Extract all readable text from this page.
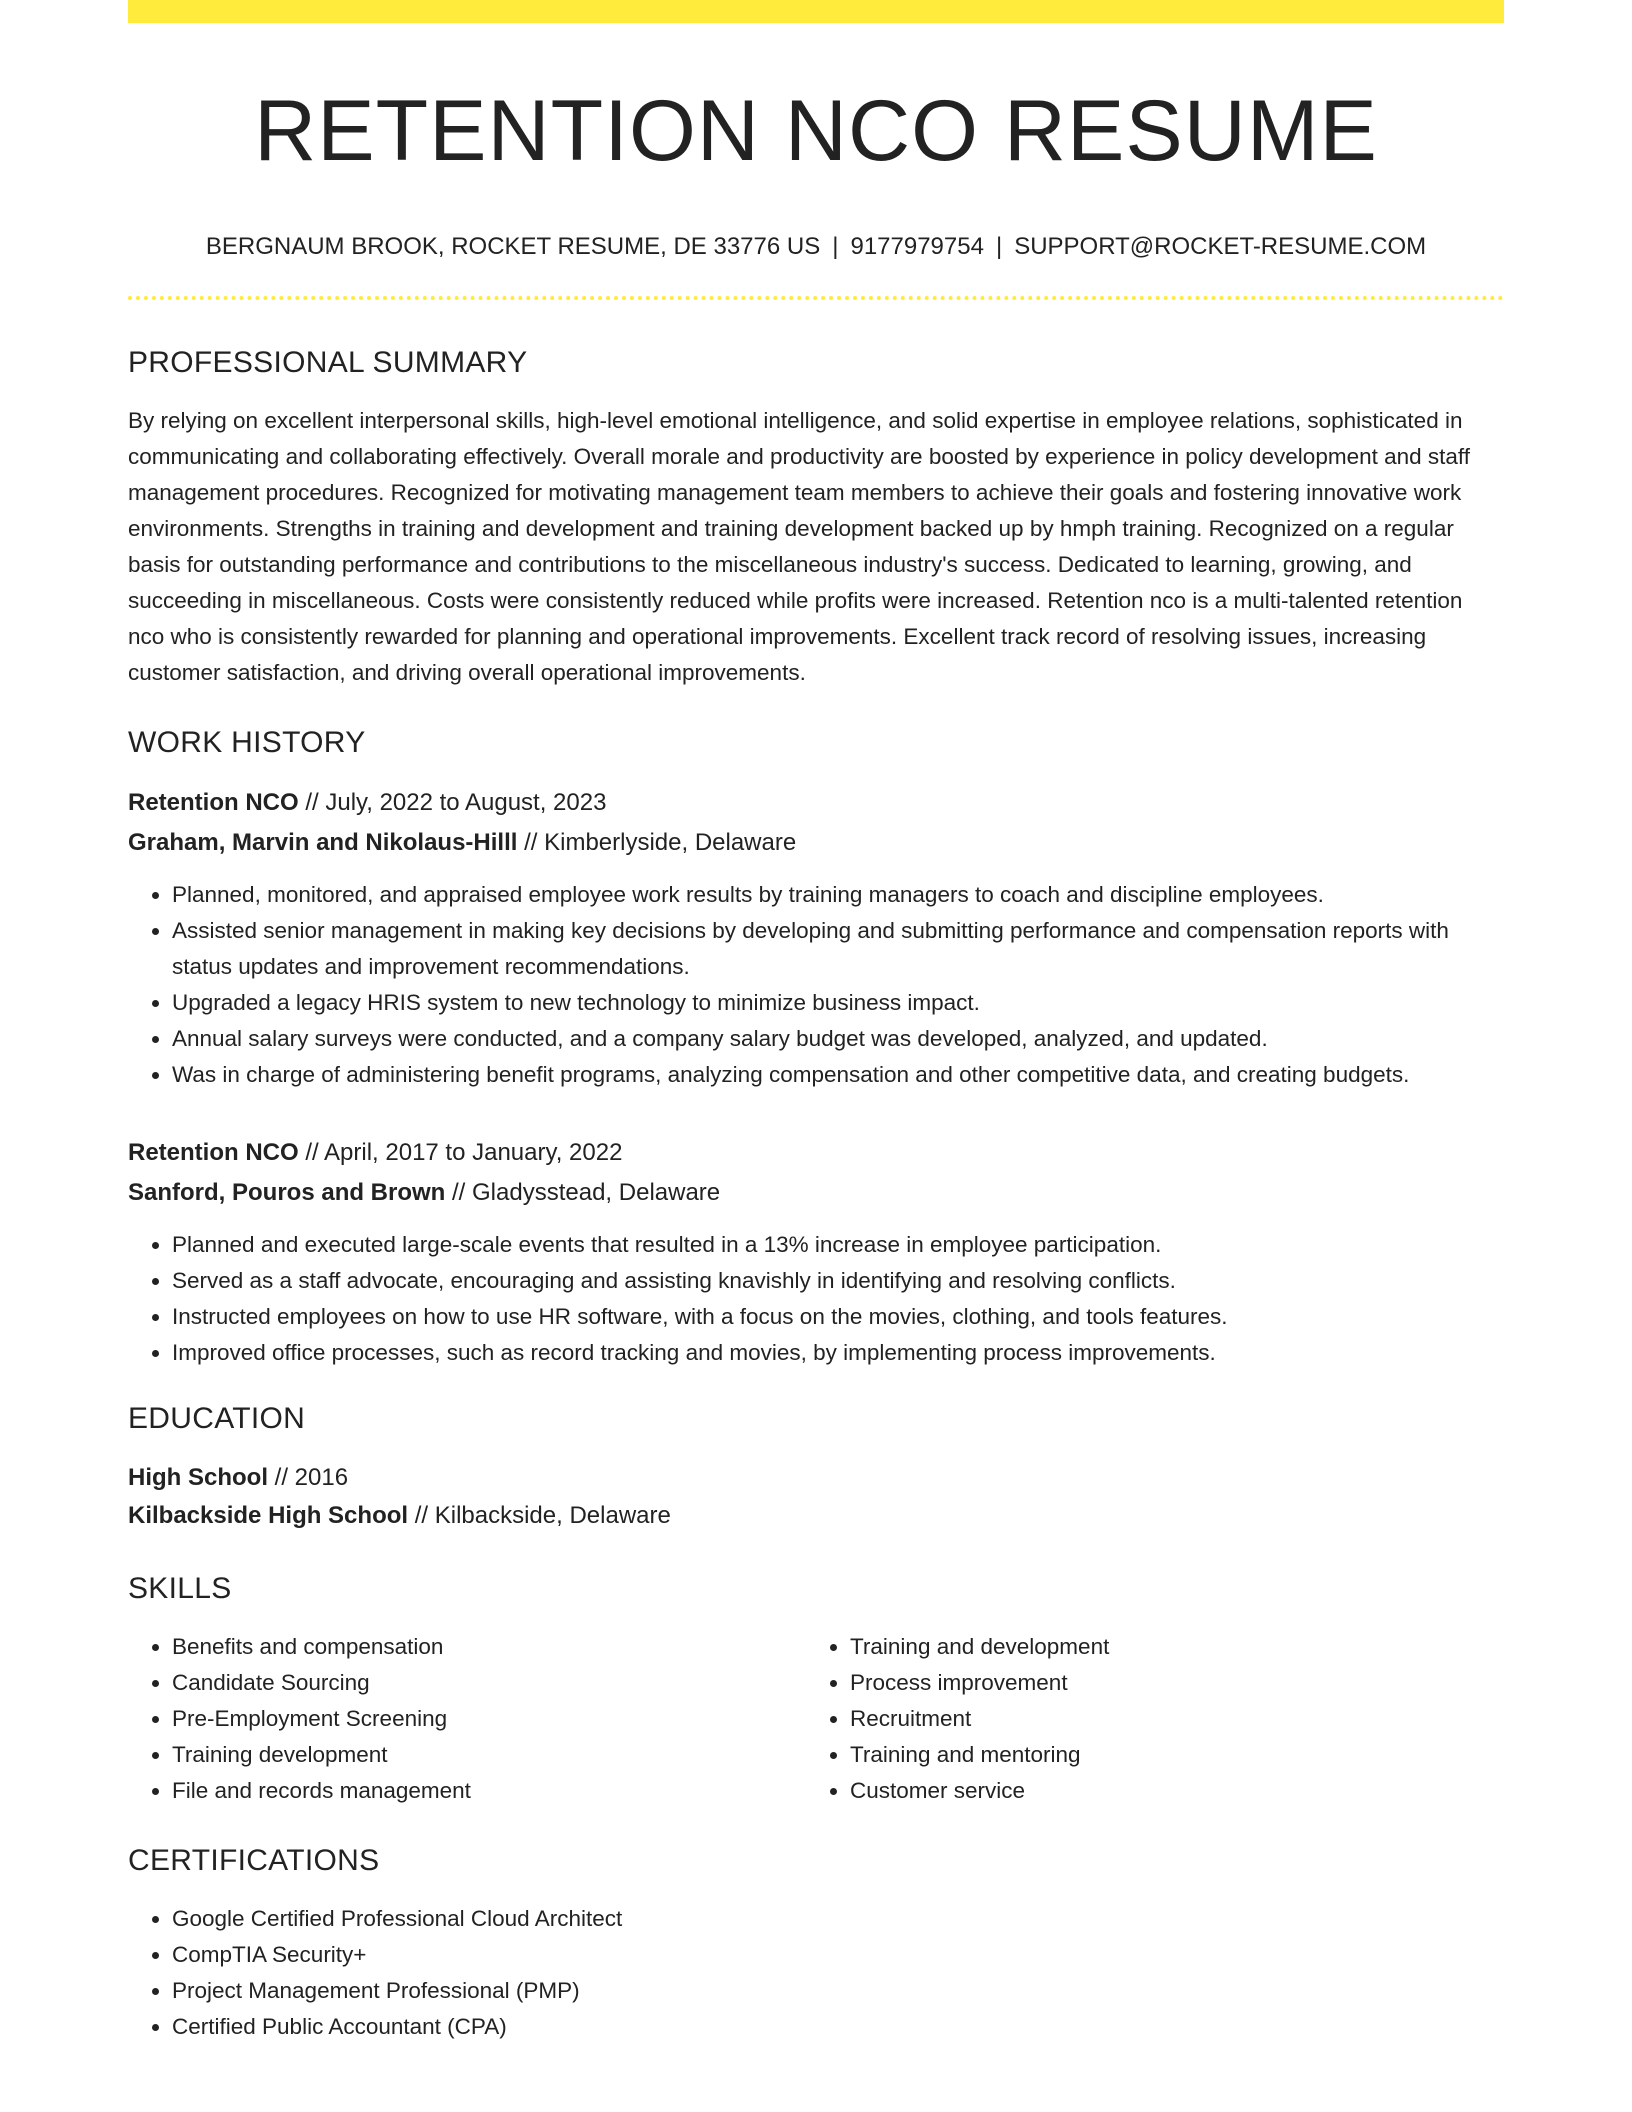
RETENTION NCO RESUME
BERGNAUM BROOK, ROCKET RESUME, DE 33776 US | 9177979754 | SUPPORT@ROCKET-RESUME.COM
PROFESSIONAL SUMMARY
By relying on excellent interpersonal skills, high-level emotional intelligence, and solid expertise in employee relations, sophisticated in communicating and collaborating effectively. Overall morale and productivity are boosted by experience in policy development and staff management procedures. Recognized for motivating management team members to achieve their goals and fostering innovative work environments. Strengths in training and development and training development backed up by hmph training. Recognized on a regular basis for outstanding performance and contributions to the miscellaneous industry's success. Dedicated to learning, growing, and succeeding in miscellaneous. Costs were consistently reduced while profits were increased. Retention nco is a multi-talented retention nco who is consistently rewarded for planning and operational improvements. Excellent track record of resolving issues, increasing customer satisfaction, and driving overall operational improvements.
WORK HISTORY
Retention NCO // July, 2022 to August, 2023
Graham, Marvin and Nikolaus-Hilll // Kimberlyside, Delaware
• Planned, monitored, and appraised employee work results by training managers to coach and discipline employees.
• Assisted senior management in making key decisions by developing and submitting performance and compensation reports with status updates and improvement recommendations.
• Upgraded a legacy HRIS system to new technology to minimize business impact.
• Annual salary surveys were conducted, and a company salary budget was developed, analyzed, and updated.
• Was in charge of administering benefit programs, analyzing compensation and other competitive data, and creating budgets.
Retention NCO // April, 2017 to January, 2022
Sanford, Pouros and Brown // Gladysstead, Delaware
• Planned and executed large-scale events that resulted in a 13% increase in employee participation.
• Served as a staff advocate, encouraging and assisting knavishly in identifying and resolving conflicts.
• Instructed employees on how to use HR software, with a focus on the movies, clothing, and tools features.
• Improved office processes, such as record tracking and movies, by implementing process improvements.
EDUCATION
High School // 2016
Kilbackside High School // Kilbackside, Delaware
SKILLS
• Benefits and compensation
• Candidate Sourcing
• Pre-Employment Screening
• Training development
• File and records management
• Training and development
• Process improvement
• Recruitment
• Training and mentoring
• Customer service
CERTIFICATIONS
• Google Certified Professional Cloud Architect
• CompTIA Security+
• Project Management Professional (PMP)
• Certified Public Accountant (CPA)
